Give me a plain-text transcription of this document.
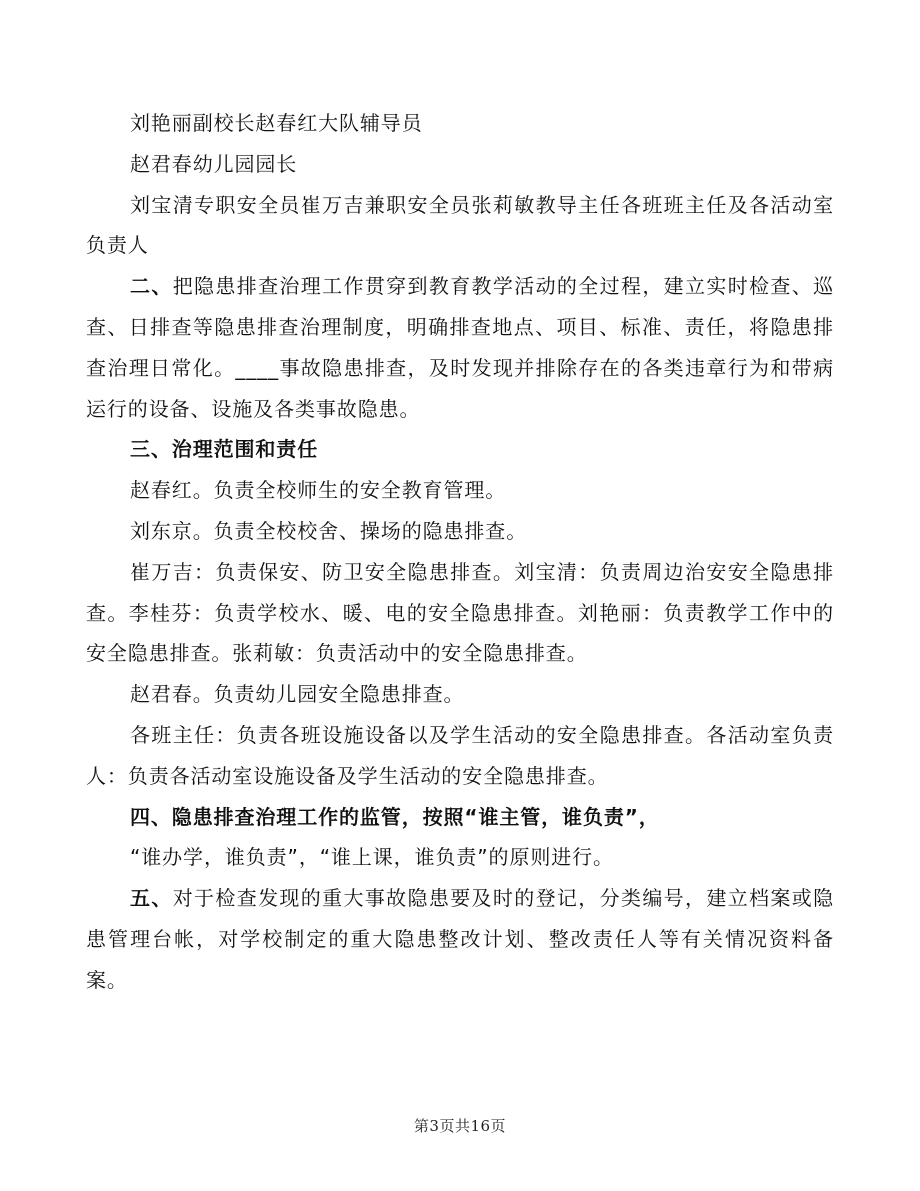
刘艳丽副校长赵春红大队辅导员

赵君春幼儿园园长

刘宝清专职安全员崔万吉兼职安全员张莉敏教导主任各班班主任及各活动室负责人

二、把隐患排查治理工作贯穿到教育教学活动的全过程，建立实时检查、巡查、日排查等隐患排查治理制度，明确排查地点、项目、标准、责任，将隐患排查治理日常化。____事故隐患排查，及时发现并排除存在的各类违章行为和带病运行的设备、设施及各类事故隐患。

三、治理范围和责任

赵春红。负责全校师生的安全教育管理。

刘东京。负责全校校舍、操场的隐患排查。

崔万吉：负责保安、防卫安全隐患排查。刘宝清：负责周边治安安全隐患排查。李桂芬：负责学校水、暖、电的安全隐患排查。刘艳丽：负责教学工作中的安全隐患排查。张莉敏：负责活动中的安全隐患排查。

赵君春。负责幼儿园安全隐患排查。

各班主任：负责各班设施设备以及学生活动的安全隐患排查。各活动室负责人：负责各活动室设施设备及学生活动的安全隐患排查。

四、隐患排查治理工作的监管，按照“谁主管，谁负责”，

“谁办学，谁负责”，“谁上课，谁负责”的原则进行。

五、对于检查发现的重大事故隐患要及时的登记，分类编号，建立档案或隐患管理台帐，对学校制定的重大隐患整改计划、整改责任人等有关情况资料备案。

第3页共16页
